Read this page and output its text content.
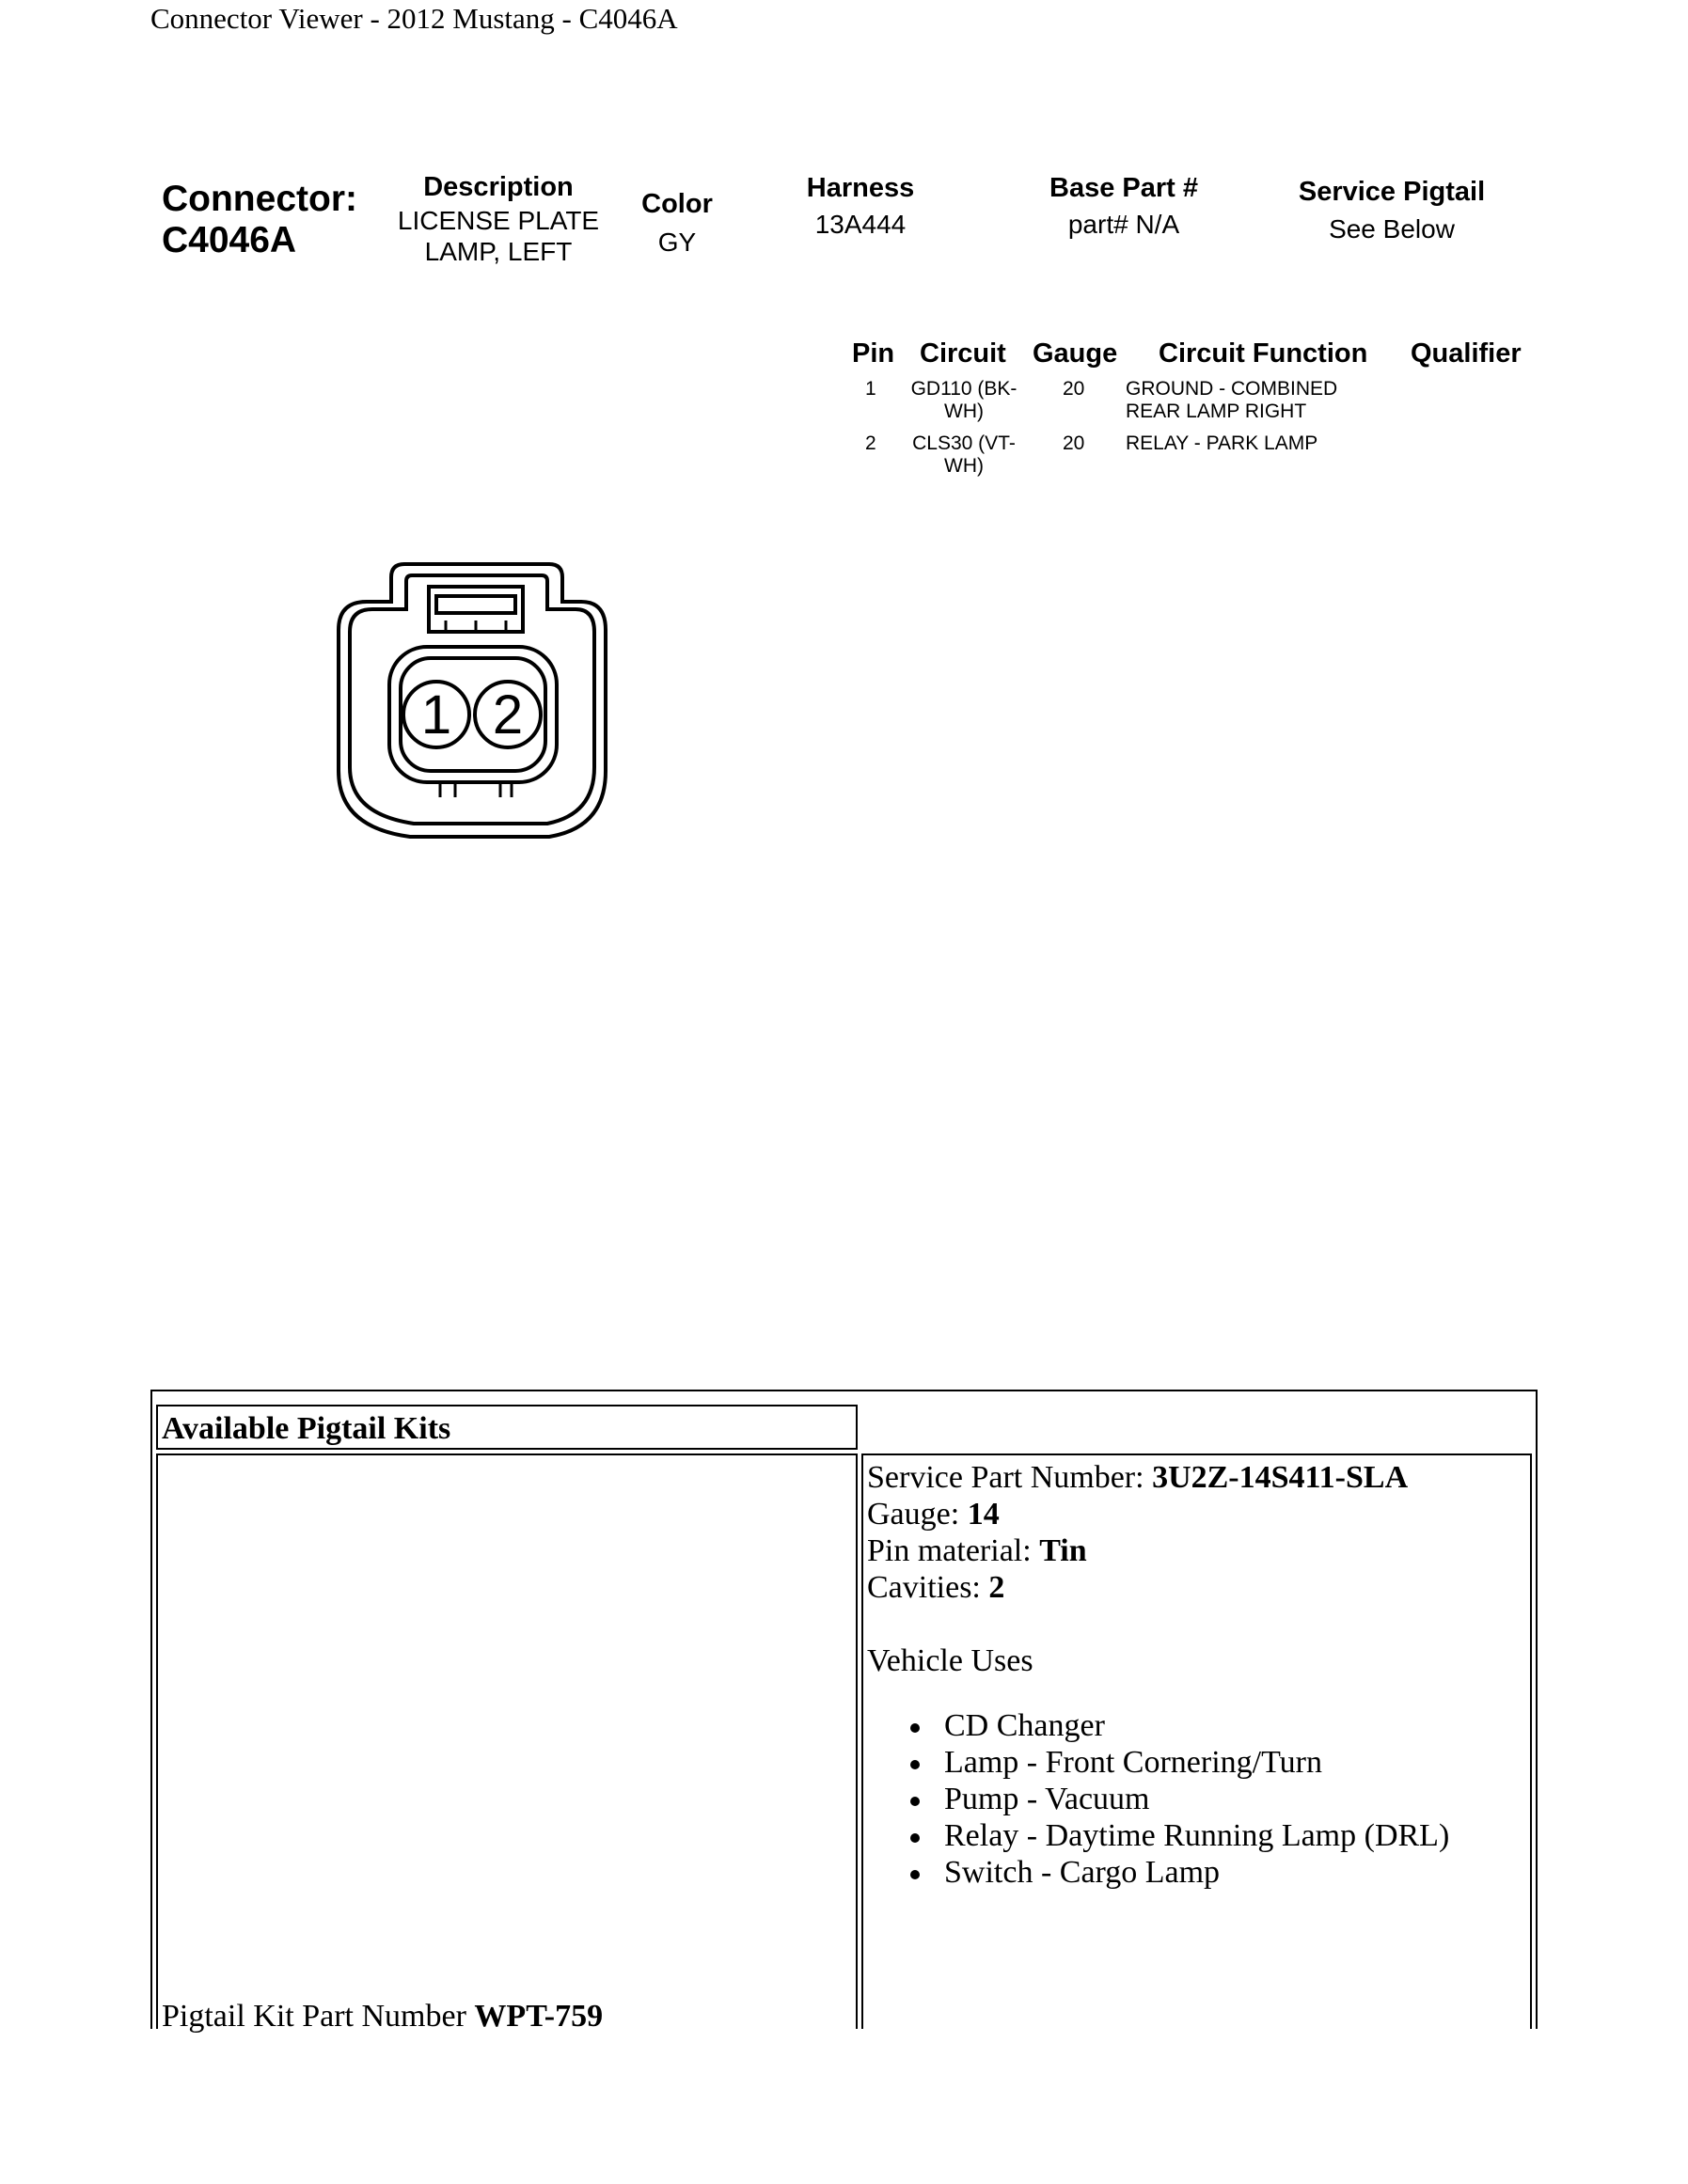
Connector Viewer - 2012 Mustang - C4046A
Connector:
C4046A
Description
LICENSE PLATE
LAMP, LEFT
Color
GY
Harness
13A444
Base Part #
part# N/A
Service Pigtail
See Below
Pin Circuit Gauge Circuit Function Qualifier
1	GD110 (BK-
WH)
20 GROUND - COMBINED
REAR LAMP RIGHT
2	CLS30 (VT-
WH)
20 RELAY - PARK LAMP
1 2
Available Pigtail Kits
Service Part Number: 3U2Z-14S411-SLA
Gauge: 14
Pin material: Tin
Cavities: 2
Vehicle Uses
CD Changer
Lamp - Front Cornering/Turn
Pump - Vacuum
Relay - Daytime Running Lamp (DRL)
Switch - Cargo Lamp
Pigtail Kit Part Number WPT-759
